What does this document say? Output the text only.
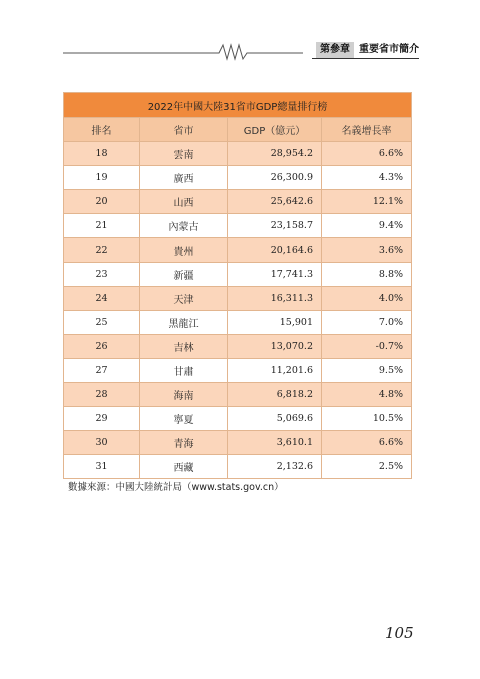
第參章 重要省市簡介
2022年中國大陸31省市GDP總量排行榜			
排名	省市	GDP（億元）	名義增長率
18	雲南	28,954.2	6.6%
19	廣西	26,300.9	4.3%
20	山西	25,642.6	12.1%
21	內蒙古	23,158.7	9.4%
22	貴州	20,164.6	3.6%
23	新疆	17,741.3	8.8%
24	天津	16,311.3	4.0%
25	黑龍江	15,901	7.0%
26	吉林	13,070.2	-0.7%
27	甘肅	11,201.6	9.5%
28	海南	6,818.2	4.8%
29	寧夏	5,069.6	10.5%
30	青海	3,610.1	6.6%
31	西藏	2,132.6	2.5%
數據來源：中國大陸統計局（www.stats.gov.cn）
105
